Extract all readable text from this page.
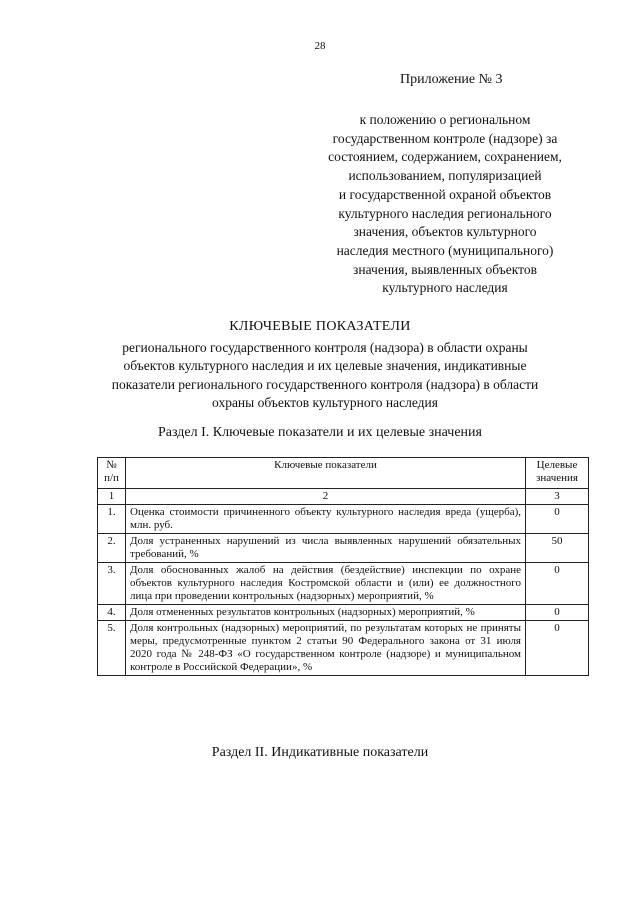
28
Приложение № 3

к положению о региональном
государственном контроле (надзоре) за
состоянием, содержанием, сохранением,
использованием, популяризацией
и государственной охраной объектов
культурного наследия регионального
значения, объектов культурного
наследия местного (муниципального)
значения, выявленных объектов
культурного наследия

КЛЮЧЕВЫЕ ПОКАЗАТЕЛИ

регионального государственного контроля (надзора) в области охраны
объектов культурного наследия и их целевые значения, индикативные
показатели регионального государственного контроля (надзора) в области
охраны объектов культурного наследия

Раздел I. Ключевые показатели и их целевые значения
№ п/п	Ключевые показатели	Целевые значения
1	2	3
1.	Оценка стоимости причиненного объекту культурного наследия вреда (ущерба), млн. руб.	0
2.	Доля устраненных нарушений из числа выявленных нарушений обязательных требований, %	50
3.	Доля обоснованных жалоб на действия (бездействие) инспекции по охране объектов культурного наследия Костромской области и (или) ее должностного лица при проведении контрольных (надзорных) мероприятий, %	0
4.	Доля отмененных результатов контрольных (надзорных) мероприятий, %	0
5.	Доля контрольных (надзорных) мероприятий, по результатам которых не приняты меры, предусмотренные пунктом 2 статьи 90 Федерального закона от 31 июля 2020 года № 248-ФЗ «О государственном контроле (надзоре) и муниципальном контроле в Российской Федерации», %	0
Раздел II. Индикативные показатели
